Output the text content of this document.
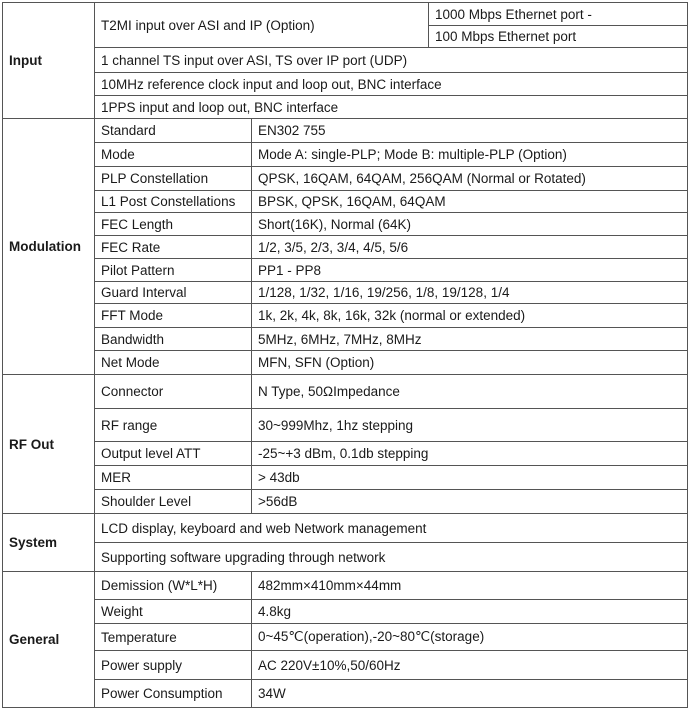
Input	T2MI input over ASI and IP (Option)		1000 Mbps Ethernet port -
			100 Mbps Ethernet port
	1 channel TS input over ASI, TS over IP port (UDP)		
	10MHz reference clock input and loop out, BNC interface		
	1PPS input and loop out, BNC interface		
Modulation	Standard	EN302 755	
	Mode	Mode A: single-PLP; Mode B: multiple-PLP (Option)	
	PLP Constellation	QPSK, 16QAM, 64QAM, 256QAM (Normal or Rotated)	
	L1 Post Constellations	BPSK, QPSK, 16QAM, 64QAM	
	FEC Length	Short(16K), Normal (64K)	
	FEC Rate	1/2, 3/5, 2/3, 3/4, 4/5, 5/6	
	Pilot Pattern	PP1 - PP8	
	Guard Interval	1/128, 1/32, 1/16, 19/256, 1/8, 19/128, 1/4	
	FFT Mode	1k, 2k, 4k, 8k, 16k, 32k (normal or extended)	
	Bandwidth	5MHz, 6MHz, 7MHz, 8MHz	
	Net Mode	MFN, SFN (Option)	
RF Out	Connector	N Type, 50ΩImpedance	
	RF range	30~999Mhz, 1hz stepping	
	Output level ATT	-25~+3 dBm, 0.1db stepping	
	MER	> 43db	
	Shoulder Level	>56dB	
System	LCD display, keyboard and web Network management		
	Supporting software upgrading through network		
General	Demission (W*L*H)	482mm×410mm×44mm	
	Weight	4.8kg	
	Temperature	0~45℃(operation),-20~80℃(storage)	
	Power supply	AC 220V±10%,50/60Hz	
	Power Consumption	34W	
